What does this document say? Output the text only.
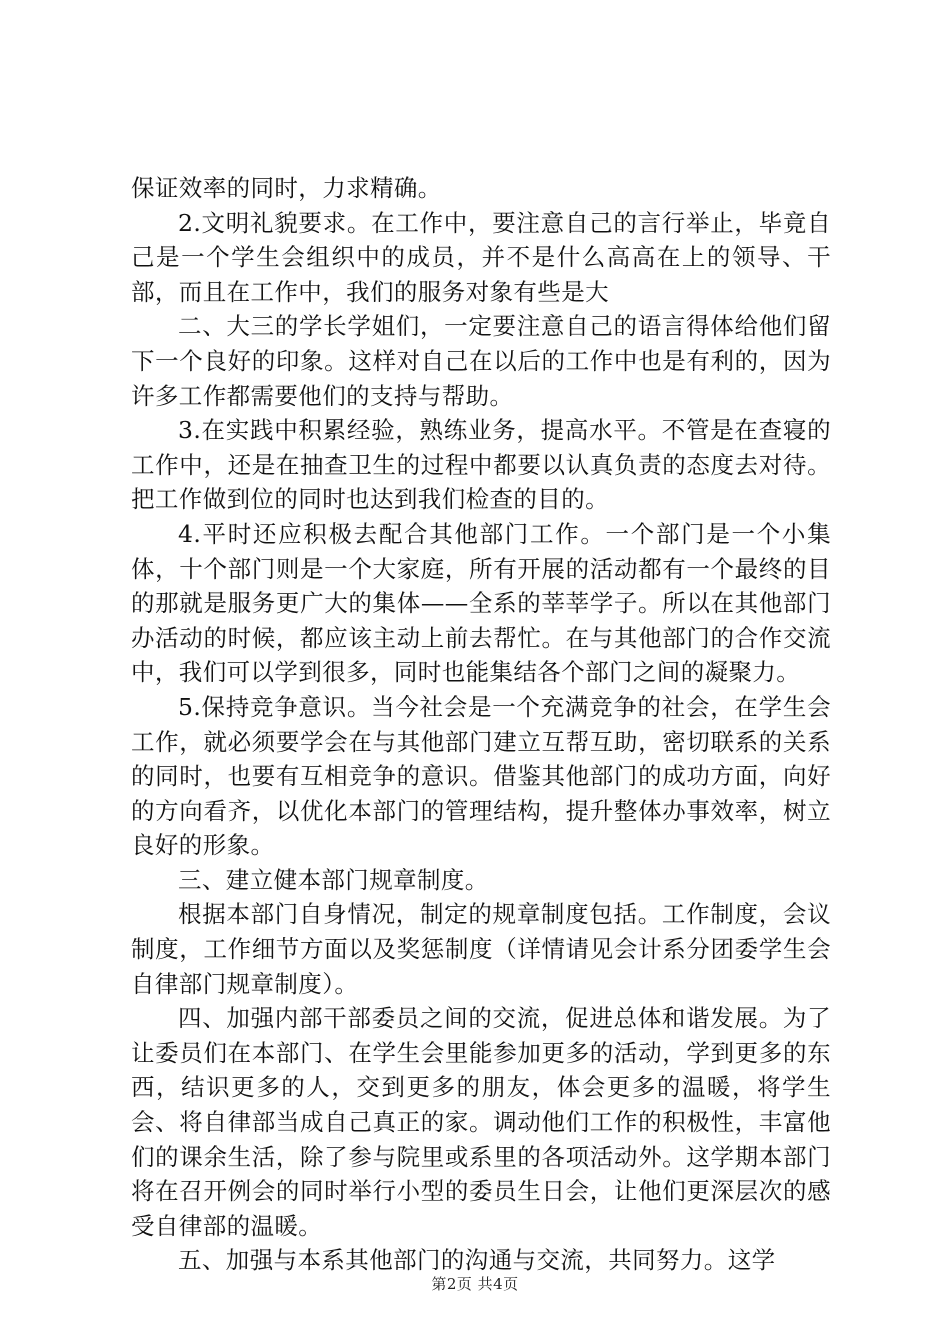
保证效率的同时，力求精确。

2.文明礼貌要求。在工作中，要注意自己的言行举止，毕竟自己是一个学生会组织中的成员，并不是什么高高在上的领导、干部，而且在工作中，我们的服务对象有些是大

二、大三的学长学姐们，一定要注意自己的语言得体给他们留下一个良好的印象。这样对自己在以后的工作中也是有利的，因为许多工作都需要他们的支持与帮助。

3.在实践中积累经验，熟练业务，提高水平。不管是在查寝的工作中，还是在抽查卫生的过程中都要以认真负责的态度去对待。把工作做到位的同时也达到我们检查的目的。

4.平时还应积极去配合其他部门工作。一个部门是一个小集体，十个部门则是一个大家庭，所有开展的活动都有一个最终的目的那就是服务更广大的集体——全系的莘莘学子。所以在其他部门办活动的时候，都应该主动上前去帮忙。在与其他部门的合作交流中，我们可以学到很多，同时也能集结各个部门之间的凝聚力。

5.保持竞争意识。当今社会是一个充满竞争的社会，在学生会工作，就必须要学会在与其他部门建立互帮互助，密切联系的关系的同时，也要有互相竞争的意识。借鉴其他部门的成功方面，向好的方向看齐，以优化本部门的管理结构，提升整体办事效率，树立良好的形象。

三、建立健本部门规章制度。

根据本部门自身情况，制定的规章制度包括。工作制度，会议制度，工作细节方面以及奖惩制度（详情请见会计系分团委学生会自律部门规章制度）。

四、加强内部干部委员之间的交流，促进总体和谐发展。为了让委员们在本部门、在学生会里能参加更多的活动，学到更多的东西，结识更多的人，交到更多的朋友，体会更多的温暖，将学生会、将自律部当成自己真正的家。调动他们工作的积极性，丰富他们的课余生活，除了参与院里或系里的各项活动外。这学期本部门将在召开例会的同时举行小型的委员生日会，让他们更深层次的感受自律部的温暖。

五、加强与本系其他部门的沟通与交流，共同努力。这学

第2页 共4页
